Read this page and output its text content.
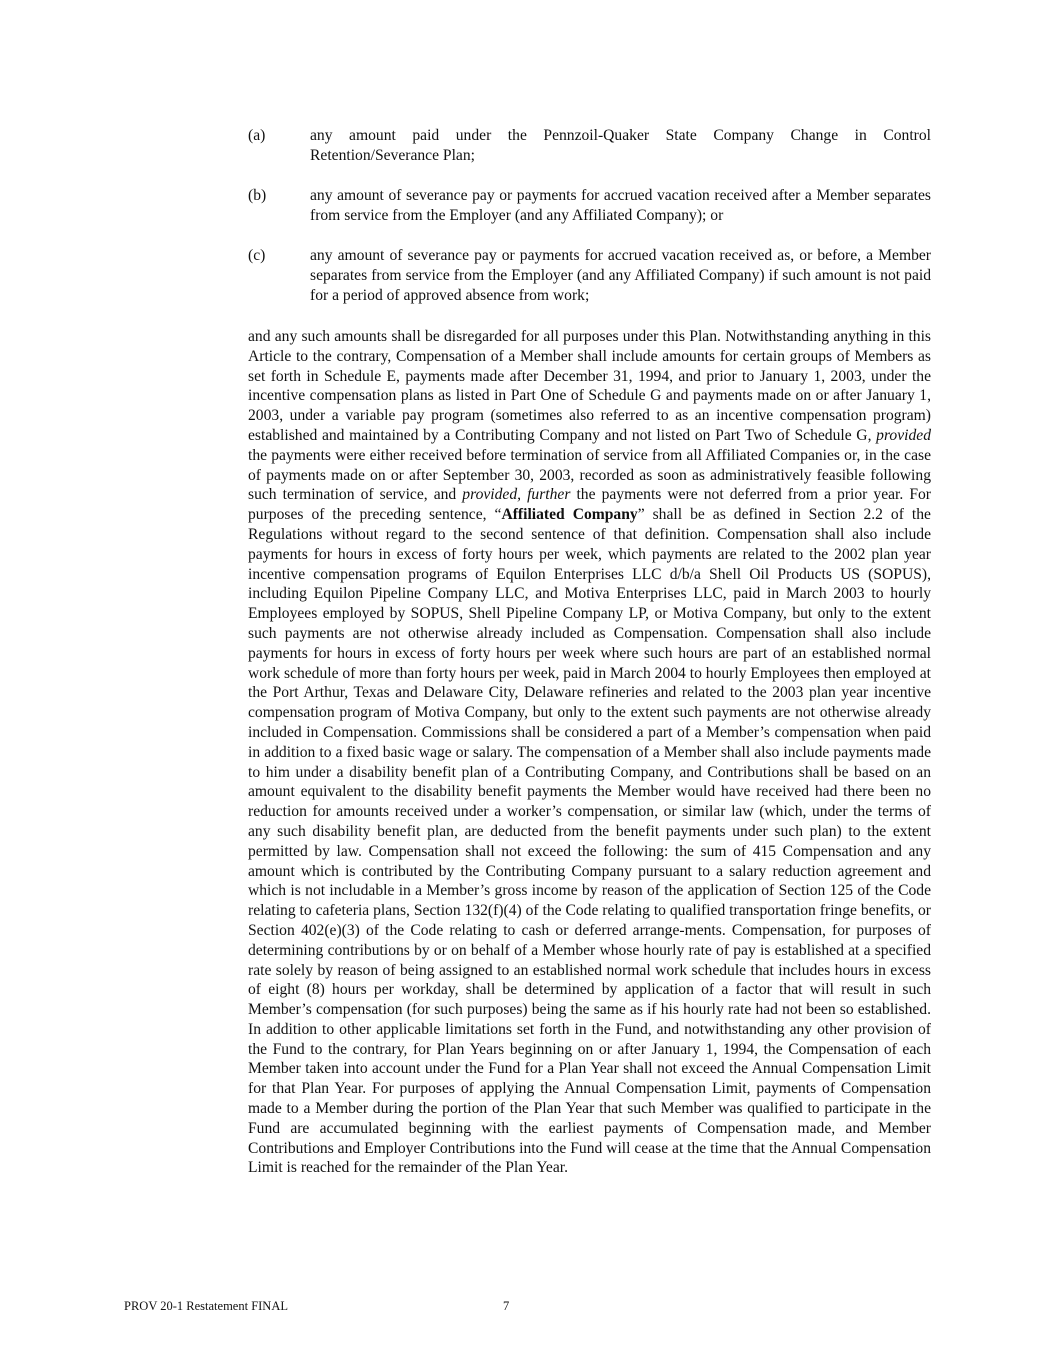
(a)	any amount paid under the Pennzoil-Quaker State Company Change in Control Retention/Severance Plan;
(b)	any amount of severance pay or payments for accrued vacation received after a Member separates from service from the Employer (and any Affiliated Company); or
(c)	any amount of severance pay or payments for accrued vacation received as, or before, a Member separates from service from the Employer (and any Affiliated Company) if such amount is not paid for a period of approved absence from work;
and any such amounts shall be disregarded for all purposes under this Plan. Notwithstanding anything in this Article to the contrary, Compensation of a Member shall include amounts for certain groups of Members as set forth in Schedule E, payments made after December 31, 1994, and prior to January 1, 2003, under the incentive compensation plans as listed in Part One of Schedule G and payments made on or after January 1, 2003, under a variable pay program (sometimes also referred to as an incentive compensation program) established and maintained by a Contributing Company and not listed on Part Two of Schedule G, provided the payments were either received before termination of service from all Affiliated Companies or, in the case of payments made on or after September 30, 2003, recorded as soon as administratively feasible following such termination of service, and provided, further the payments were not deferred from a prior year. For purposes of the preceding sentence, “Affiliated Company” shall be as defined in Section 2.2 of the Regulations without regard to the second sentence of that definition. Compensation shall also include payments for hours in excess of forty hours per week, which payments are related to the 2002 plan year incentive compensation programs of Equilon Enterprises LLC d/b/a Shell Oil Products US (SOPUS), including Equilon Pipeline Company LLC, and Motiva Enterprises LLC, paid in March 2003 to hourly Employees employed by SOPUS, Shell Pipeline Company LP, or Motiva Company, but only to the extent such payments are not otherwise already included as Compensation. Compensation shall also include payments for hours in excess of forty hours per week where such hours are part of an established normal work schedule of more than forty hours per week, paid in March 2004 to hourly Employees then employed at the Port Arthur, Texas and Delaware City, Delaware refineries and related to the 2003 plan year incentive compensation program of Motiva Company, but only to the extent such payments are not otherwise already included in Compensation. Commissions shall be considered a part of a Member’s compensation when paid in addition to a fixed basic wage or salary. The compensation of a Member shall also include payments made to him under a disability benefit plan of a Contributing Company, and Contributions shall be based on an amount equivalent to the disability benefit payments the Member would have received had there been no reduction for amounts received under a worker’s compensation, or similar law (which, under the terms of any such disability benefit plan, are deducted from the benefit payments under such plan) to the extent permitted by law. Compensation shall not exceed the following: the sum of 415 Compensation and any amount which is contributed by the Contributing Company pursuant to a salary reduction agreement and which is not includable in a Member’s gross income by reason of the application of Section 125 of the Code relating to cafeteria plans, Section 132(f)(4) of the Code relating to qualified transportation fringe benefits, or Section 402(e)(3) of the Code relating to cash or deferred arrange-ments. Compensation, for purposes of determining contributions by or on behalf of a Member whose hourly rate of pay is established at a specified rate solely by reason of being assigned to an established normal work schedule that includes hours in excess of eight (8) hours per workday, shall be determined by application of a factor that will result in such Member’s compensation (for such purposes) being the same as if his hourly rate had not been so established. In addition to other applicable limitations set forth in the Fund, and notwithstanding any other provision of the Fund to the contrary, for Plan Years beginning on or after January 1, 1994, the Compensation of each Member taken into account under the Fund for a Plan Year shall not exceed the Annual Compensation Limit for that Plan Year. For purposes of applying the Annual Compensation Limit, payments of Compensation made to a Member during the portion of the Plan Year that such Member was qualified to participate in the Fund are accumulated beginning with the earliest payments of Compensation made, and Member Contributions and Employer Contributions into the Fund will cease at the time that the Annual Compensation Limit is reached for the remainder of the Plan Year.
PROV 20-1 Restatement FINAL	7
